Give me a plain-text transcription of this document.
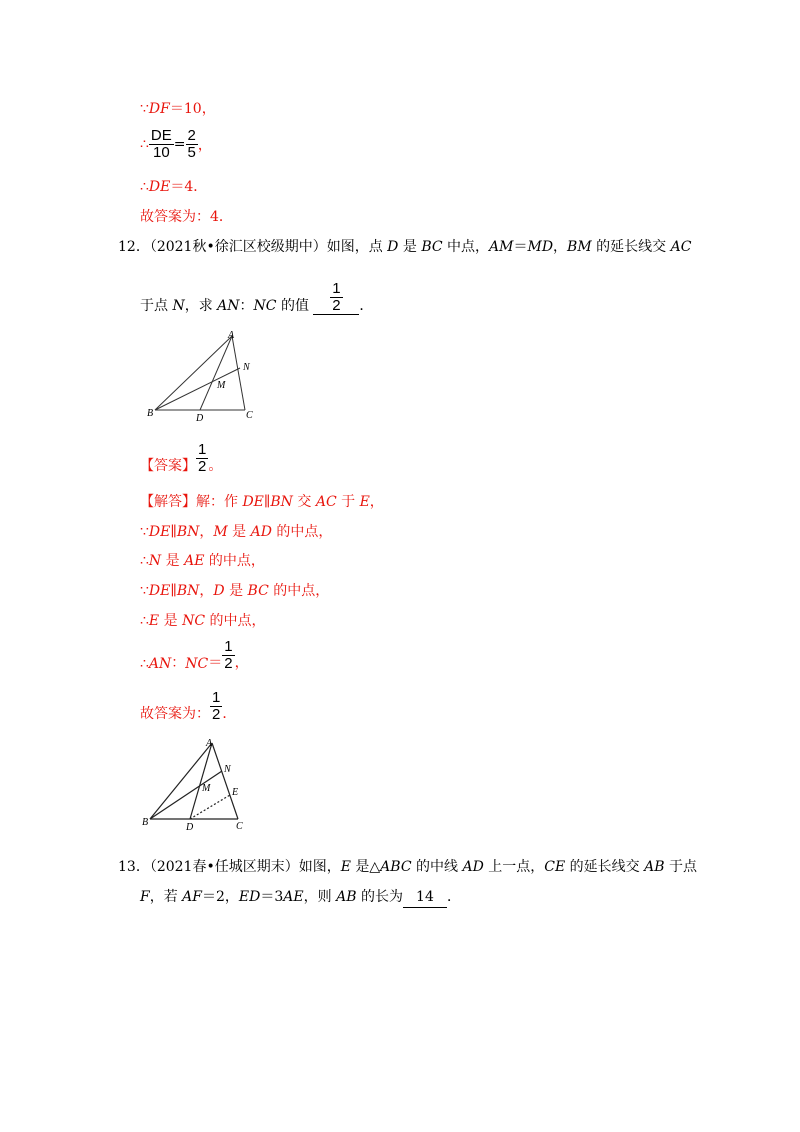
∵DF＝10，
∴ $\frac{DE}{10} = \frac{2}{5}$ ，
∴DE＝4．
故答案为：4．
12．（2021秋•徐汇区校级期中）如图，点 D 是 BC 中点，AM＝MD，BM 的延长线交 AC
于点 N，求 AN：NC 的值 $\frac{1}{2}$ ．
A
B	C
D
M
N
【答案】 $\frac{1}{2}$ 。
【解答】解：作 DE∥BN 交 AC 于 E，
∵DE∥BN，M 是 AD 的中点，
∴N 是 AE 的中点，
∵DE∥BN，D 是 BC 的中点，
∴E 是 NC 的中点，
∴AN：$NC= \frac{1}{2}$ ，
故答案为： $\frac{1}{2}$ ．
A
B	C
D
M
N
E
13．（2021春•任城区期末）如图，E 是△ABC 的中线 AD 上一点，CE 的延长线交 AB 于点
F，若 AF＝2，ED＝3AE，则 AB 的长为 14 ．
